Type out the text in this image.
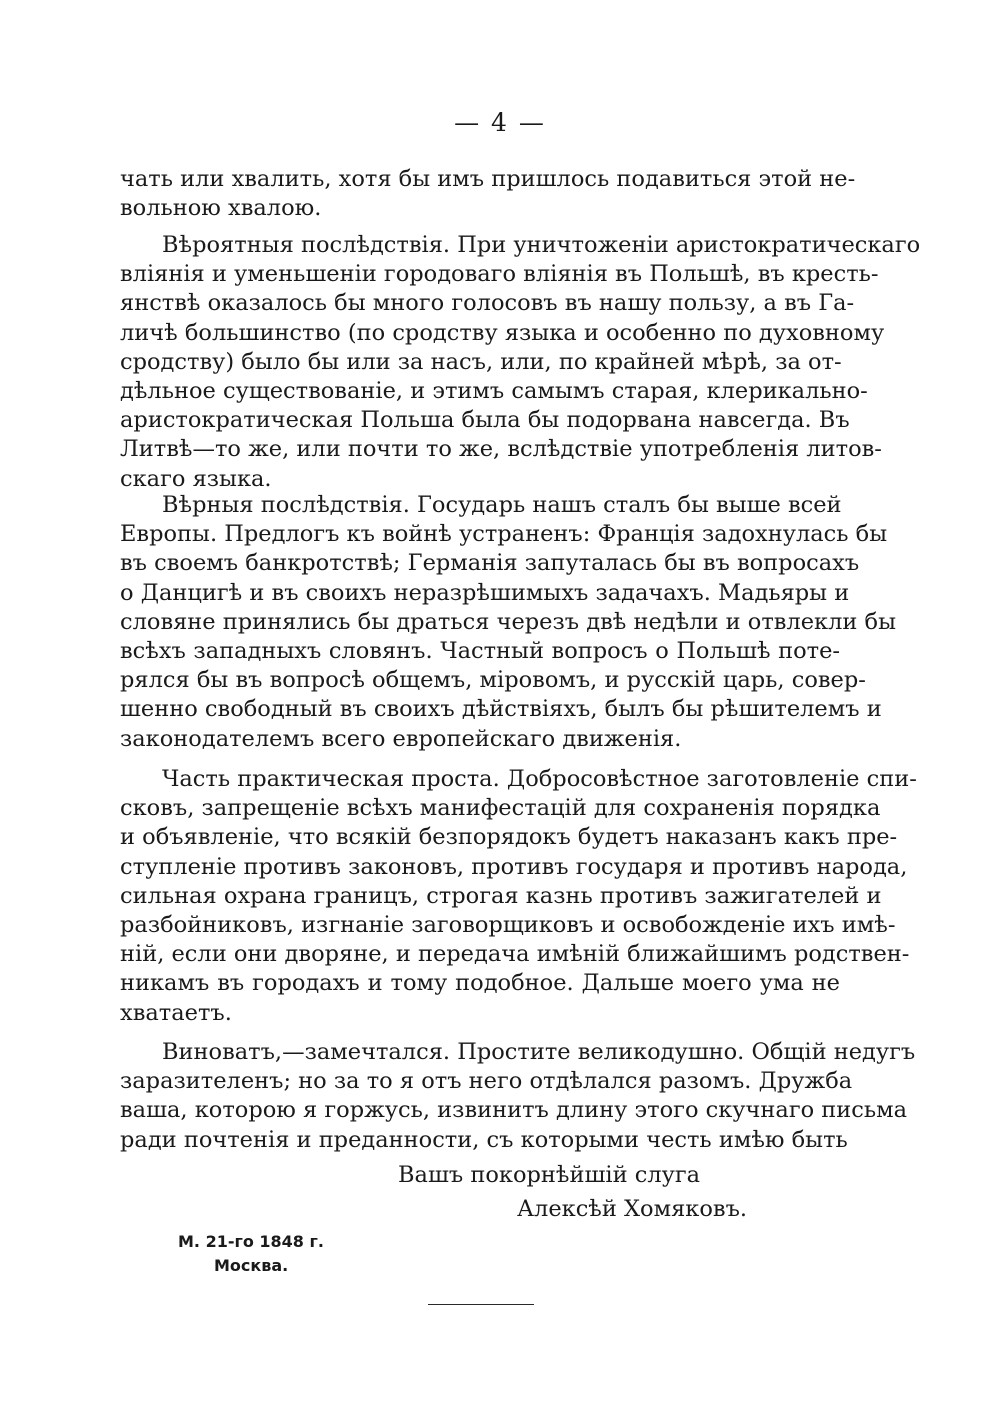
— 4 —
чать или хвалить, хотя бы имъ пришлось подавиться этой не-
вольною хвалою.
Вѣроятныя послѣдствія. При уничтоженіи аристократическаго
вліянія и уменьшеніи городоваго вліянія въ Польшѣ, въ кресть-
янствѣ оказалось бы много голосовъ въ нашу пользу, а въ Га-
личѣ большинство (по сродству языка и особенно по духовному
сродству) было бы или за насъ, или, по крайней мѣрѣ, за от-
дѣльное существованіе, и этимъ самымъ старая, клерикально-
аристократическая Польша была бы подорвана навсегда. Въ
Литвѣ—то же, или почти то же, вслѣдствіе употребленія литов-
скаго языка.
Вѣрныя послѣдствія. Государь нашъ сталъ бы выше всей
Европы. Предлогъ къ войнѣ устраненъ: Франція задохнулась бы
въ своемъ банкротствѣ; Германія запуталась бы въ вопросахъ
о Данцигѣ и въ своихъ неразрѣшимыхъ задачахъ. Мадьяры и
словяне принялись бы драться черезъ двѣ недѣли и отвлекли бы
всѣхъ западныхъ словянъ. Частный вопросъ о Польшѣ поте-
рялся бы въ вопросѣ общемъ, міровомъ, и русскій царь, совер-
шенно свободный въ своихъ дѣйствіяхъ, былъ бы рѣшителемъ и
законодателемъ всего европейскаго движенія.
Часть практическая проста. Добросовѣстное заготовленіе спи-
сковъ, запрещеніе всѣхъ манифестацій для сохраненія порядка
и объявленіе, что всякій безпорядокъ будетъ наказанъ какъ пре-
ступленіе противъ законовъ, противъ государя и противъ народа,
сильная охрана границъ, строгая казнь противъ зажигателей и
разбойниковъ, изгнаніе заговорщиковъ и освобожденіе ихъ имѣ-
ній, если они дворяне, и передача имѣній ближайшимъ родствен-
никамъ въ городахъ и тому подобное. Дальше моего ума не
хватаетъ.
Виноватъ,—замечтался. Простите великодушно. Общій недугъ
заразителенъ; но за то я отъ него отдѣлался разомъ. Дружба
ваша, которою я горжусь, извинитъ длину этого скучнаго письма
ради почтенія и преданности, съ которыми честь имѣю быть
Вашъ покорнѣйшій слуга
Алексѣй Хомяковъ.
М. 21-го 1848 г.
Москва.
